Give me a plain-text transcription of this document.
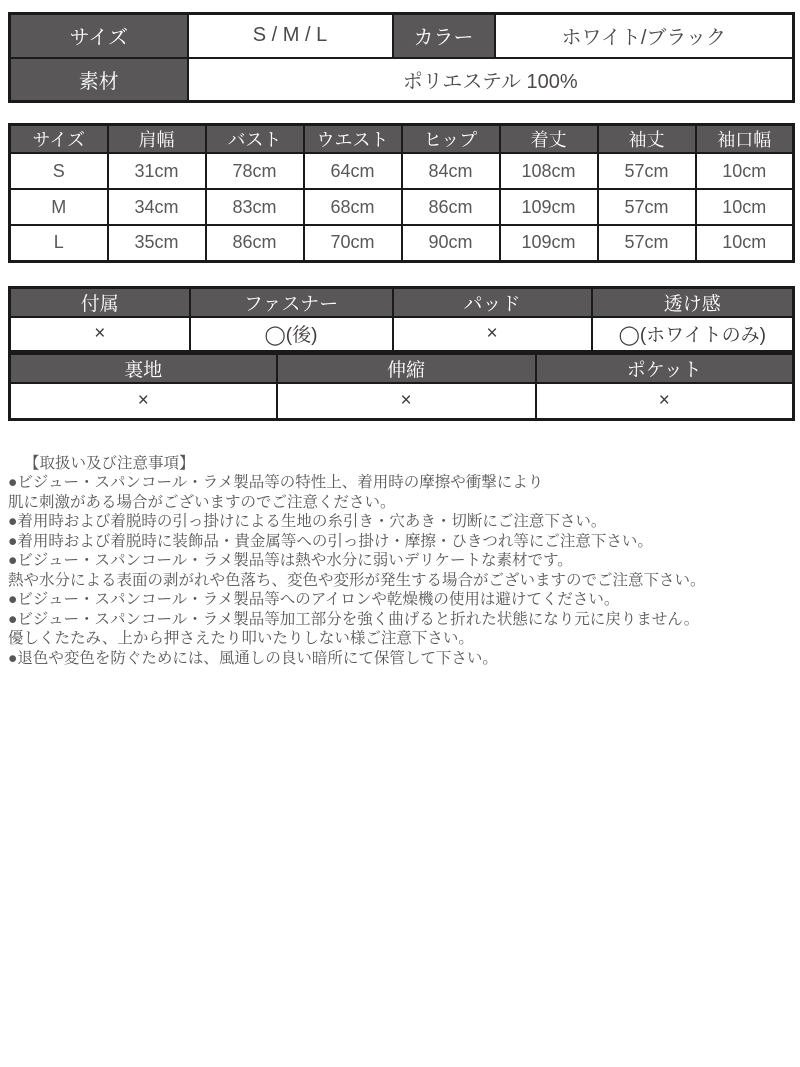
サイズ	S / M / L	カラー	ホワイト/ブラック
素材	ポリエステル 100%		
サイズ	肩幅	バスト	ウエスト	ヒップ	着丈	袖丈	袖口幅
S	31cm	78cm	64cm	84cm	108cm	57cm	10cm
M	34cm	83cm	68cm	86cm	109cm	57cm	10cm
L	35cm	86cm	70cm	90cm	109cm	57cm	10cm
付属	ファスナー	パッド	透け感
×	◯(後)	×	◯(ホワイトのみ)
裏地	伸縮	ポケット
×	×	×
【取扱い及び注意事項】
●ビジュー・スパンコール・ラメ製品等の特性上、着用時の摩擦や衝撃により
肌に刺激がある場合がございますのでご注意ください。
●着用時および着脱時の引っ掛けによる生地の糸引き・穴あき・切断にご注意下さい。
●着用時および着脱時に装飾品・貴金属等への引っ掛け・摩擦・ひきつれ等にご注意下さい。
●ビジュー・スパンコール・ラメ製品等は熱や水分に弱いデリケートな素材です。
熱や水分による表面の剥がれや色落ち、変色や変形が発生する場合がございますのでご注意下さい。
●ビジュー・スパンコール・ラメ製品等へのアイロンや乾燥機の使用は避けてください。
●ビジュー・スパンコール・ラメ製品等加工部分を強く曲げると折れた状態になり元に戻りません。
優しくたたみ、上から押さえたり叩いたりしない様ご注意下さい。
●退色や変色を防ぐためには、風通しの良い暗所にて保管して下さい。
